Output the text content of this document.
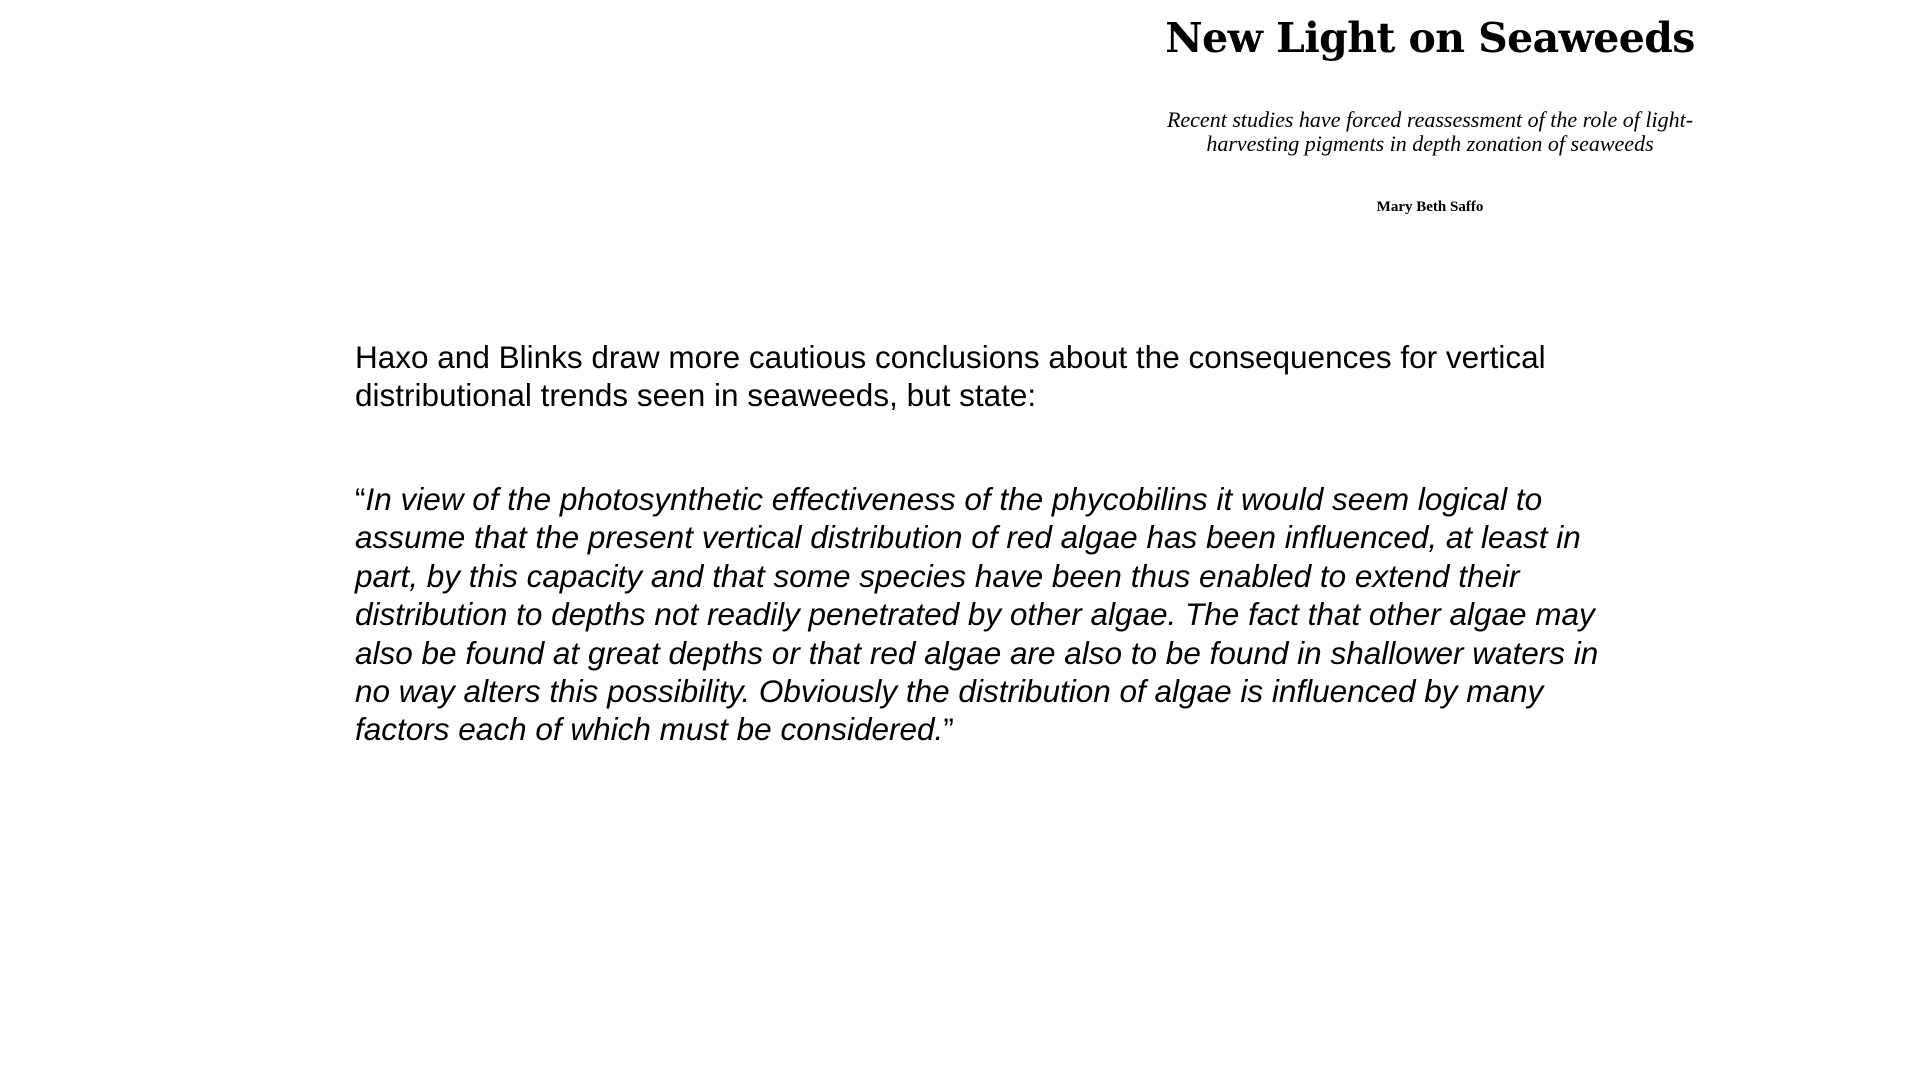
New Light on Seaweeds
Recent studies have forced reassessment of the role of light-harvesting pigments in depth zonation of seaweeds
Mary Beth Saffo

Haxo and Blinks draw more cautious conclusions about the consequences for vertical distributional trends seen in seaweeds, but state:

“In view of the photosynthetic effectiveness of the phycobilins it would seem logical to assume that the present vertical distribution of red algae has been influenced, at least in part, by this capacity and that some species have been thus enabled to extend their distribution to depths not readily penetrated by other algae. The fact that other algae may also be found at great depths or that red algae are also to be found in shallower waters in no way alters this possibility. Obviously the distribution of algae is influenced by many factors each of which must be considered.”
